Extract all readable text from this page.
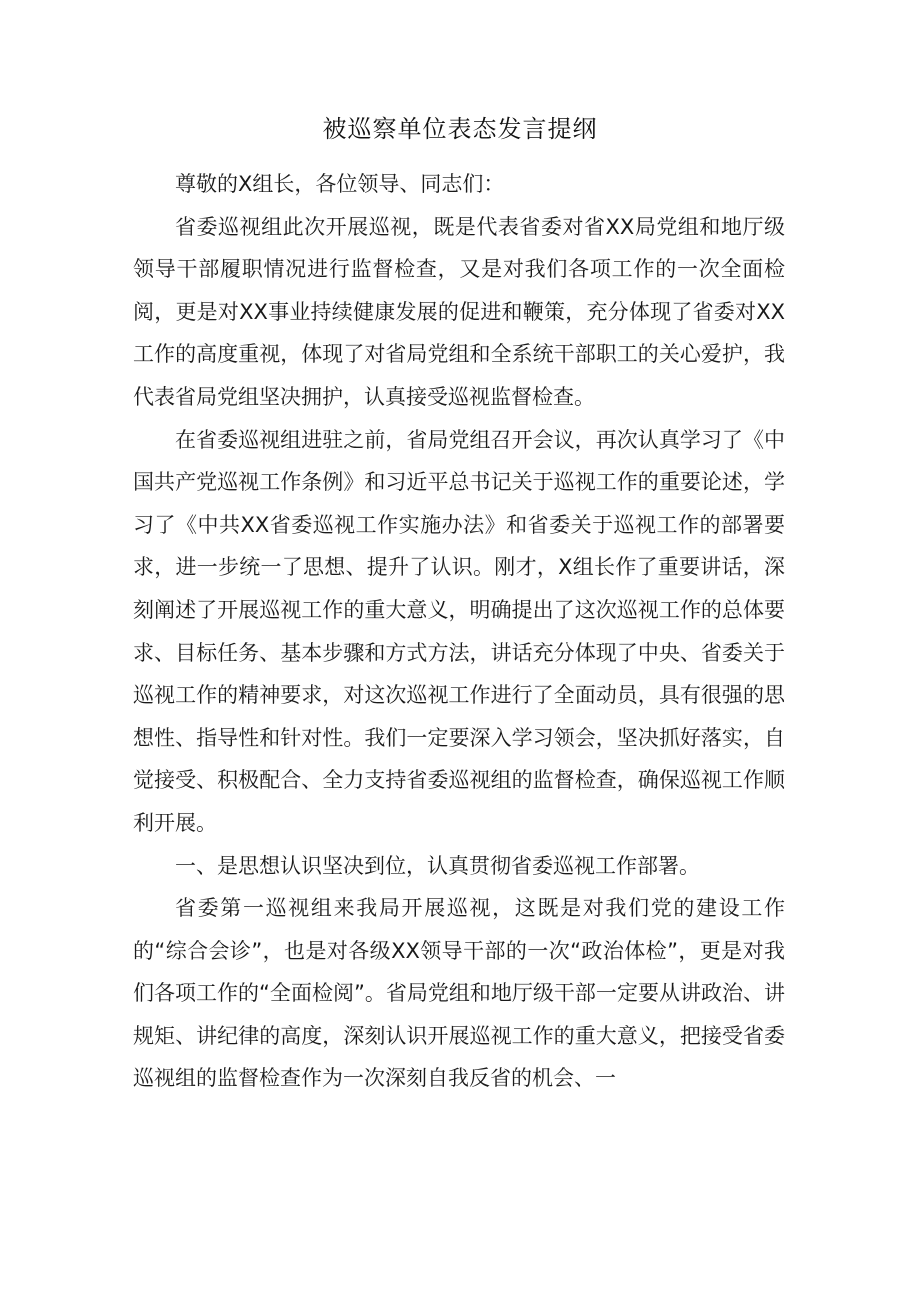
被巡察单位表态发言提纲

尊敬的X组长，各位领导、同志们：

省委巡视组此次开展巡视，既是代表省委对省XX局党组和地厅级领导干部履职情况进行监督检查，又是对我们各项工作的一次全面检阅，更是对XX事业持续健康发展的促进和鞭策，充分体现了省委对XX工作的高度重视，体现了对省局党组和全系统干部职工的关心爱护，我代表省局党组坚决拥护，认真接受巡视监督检查。

在省委巡视组进驻之前，省局党组召开会议，再次认真学习了《中国共产党巡视工作条例》和习近平总书记关于巡视工作的重要论述，学习了《中共XX省委巡视工作实施办法》和省委关于巡视工作的部署要求，进一步统一了思想、提升了认识。刚才，X组长作了重要讲话，深刻阐述了开展巡视工作的重大意义，明确提出了这次巡视工作的总体要求、目标任务、基本步骤和方式方法，讲话充分体现了中央、省委关于巡视工作的精神要求，对这次巡视工作进行了全面动员，具有很强的思想性、指导性和针对性。我们一定要深入学习领会，坚决抓好落实，自觉接受、积极配合、全力支持省委巡视组的监督检查，确保巡视工作顺利开展。

一、是思想认识坚决到位，认真贯彻省委巡视工作部署。

省委第一巡视组来我局开展巡视，这既是对我们党的建设工作的“综合会诊”，也是对各级XX领导干部的一次“政治体检”，更是对我们各项工作的“全面检阅”。省局党组和地厅级干部一定要从讲政治、讲规矩、讲纪律的高度，深刻认识开展巡视工作的重大意义，把接受省委巡视组的监督检查作为一次深刻自我反省的机会、一
